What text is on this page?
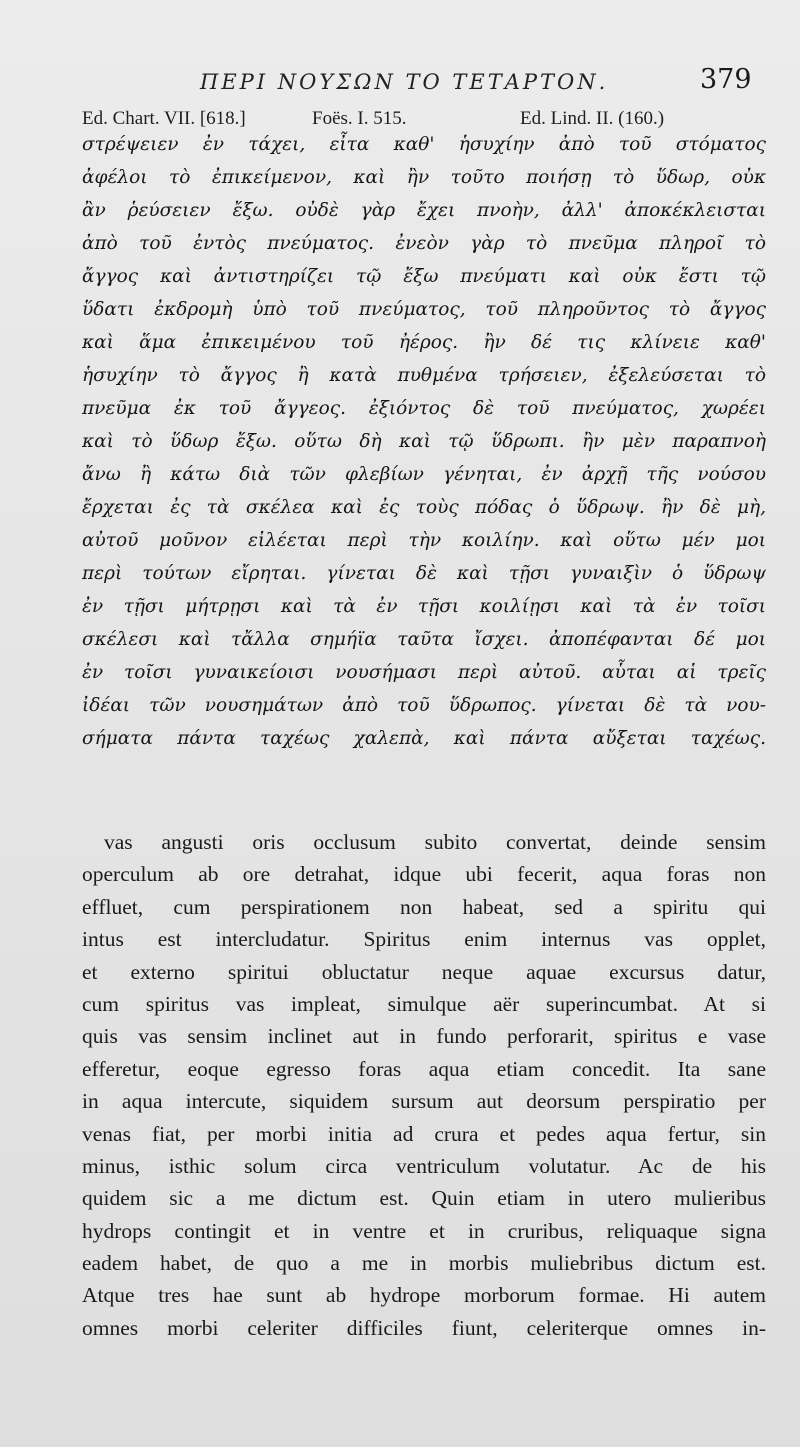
ΠΕΡΙ ΝΟΥΣΩΝ ΤΟ ΤΕΤΑΡΤΟΝ.	379
Ed. Chart. VII. [618.]	Foës. I. 515.	Ed. Lind. II. (160.)
στρέψειεν ἐν τάχει, εἶτα καθ' ἡσυχίην ἀπὸ τοῦ στόματος
ἀφέλοι τὸ ἐπικείμενον, καὶ ἢν τοῦτο ποιήσῃ τὸ ὕδωρ, οὐκ
ἂν ῥεύσειεν ἔξω. οὐδὲ γὰρ ἔχει πνοὴν, ἀλλ' ἀποκέκλεισται
ἀπὸ τοῦ ἐντὸς πνεύματος. ἐνεὸν γὰρ τὸ πνεῦμα πληροῖ τὸ
ἄγγος καὶ ἀντιστηρίζει τῷ ἔξω πνεύματι καὶ οὐκ ἔστι τῷ
ὕδατι ἐκδρομὴ ὑπὸ τοῦ πνεύματος, τοῦ πληροῦντος τὸ ἄγγος
καὶ ἅμα ἐπικειμένου τοῦ ἠέρος. ἢν δέ τις κλίνειε καθ'
ἡσυχίην τὸ ἄγγος ἢ κατὰ πυθμένα τρήσειεν, ἐξελεύσεται τὸ
πνεῦμα ἐκ τοῦ ἄγγεος. ἐξιόντος δὲ τοῦ πνεύματος, χωρέει
καὶ τὸ ὕδωρ ἔξω. οὕτω δὴ καὶ τῷ ὕδρωπι. ἢν μὲν παραπνοὴ
ἄνω ἢ κάτω διὰ τῶν φλεβίων γένηται, ἐν ἀρχῇ τῆς νούσου
ἔρχεται ἐς τὰ σκέλεα καὶ ἐς τοὺς πόδας ὁ ὕδρωψ. ἢν δὲ μὴ,
αὐτοῦ μοῦνον εἰλέεται περὶ τὴν κοιλίην. καὶ οὕτω μέν μοι
περὶ τούτων εἴρηται. γίνεται δὲ καὶ τῇσι γυναιξὶν ὁ ὕδρωψ
ἐν τῇσι μήτρῃσι καὶ τὰ ἐν τῇσι κοιλίῃσι καὶ τὰ ἐν τοῖσι
σκέλεσι καὶ τἄλλα σημήϊα ταῦτα ἴσχει. ἀποπέφανται δέ μοι
ἐν τοῖσι γυναικείοισι νουσήμασι περὶ αὐτοῦ. αὗται αἱ τρεῖς
ἰδέαι τῶν νουσημάτων ἀπὸ τοῦ ὕδρωπος. γίνεται δὲ τὰ νου-
σήματα πάντα ταχέως χαλεπὰ, καὶ πάντα αὔξεται ταχέως.
vas angusti oris occlusum subito convertat, deinde sensim
operculum ab ore detrahat, idque ubi fecerit, aqua foras non
effluet, cum perspirationem non habeat, sed a spiritu qui
intus est intercludatur. Spiritus enim internus vas opplet,
et externo spiritui obluctatur neque aquae excursus datur,
cum spiritus vas impleat, simulque aër superincumbat. At si
quis vas sensim inclinet aut in fundo perforarit, spiritus e vase
efferetur, eoque egresso foras aqua etiam concedit. Ita sane
in aqua intercute, siquidem sursum aut deorsum perspiratio per
venas fiat, per morbi initia ad crura et pedes aqua fertur, sin
minus, isthic solum circa ventriculum volutatur. Ac de his
quidem sic a me dictum est. Quin etiam in utero mulieribus
hydrops contingit et in ventre et in cruribus, reliquaque signa
eadem habet, de quo a me in morbis muliebribus dictum est.
Atque tres hae sunt ab hydrope morborum formae. Hi autem
omnes morbi celeriter difficiles fiunt, celeriterque omnes in-
